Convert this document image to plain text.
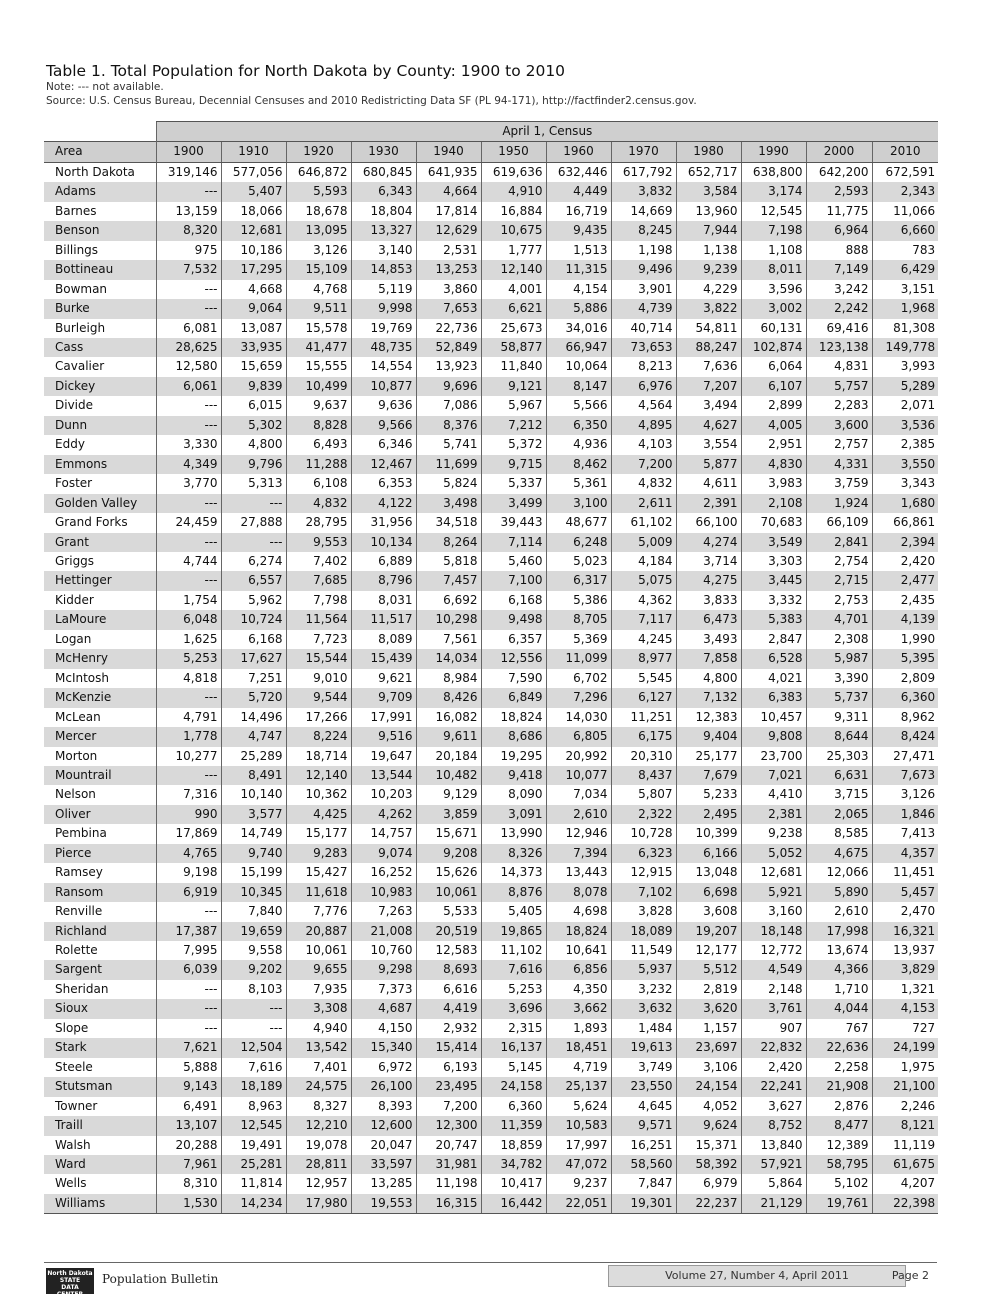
Table 1. Total Population for North Dakota by County: 1900 to 2010
Note: --- not available.
Source: U.S. Census Bureau, Decennial Censuses and 2010 Redistricting Data SF (PL 94-171), http://factfinder2.census.gov.
	April 1, Census											
Area	1900	1910	1920	1930	1940	1950	1960	1970	1980	1990	2000	2010
North Dakota	319,146	577,056	646,872	680,845	641,935	619,636	632,446	617,792	652,717	638,800	642,200	672,591
Adams	---	5,407	5,593	6,343	4,664	4,910	4,449	3,832	3,584	3,174	2,593	2,343
Barnes	13,159	18,066	18,678	18,804	17,814	16,884	16,719	14,669	13,960	12,545	11,775	11,066
Benson	8,320	12,681	13,095	13,327	12,629	10,675	9,435	8,245	7,944	7,198	6,964	6,660
Billings	975	10,186	3,126	3,140	2,531	1,777	1,513	1,198	1,138	1,108	888	783
Bottineau	7,532	17,295	15,109	14,853	13,253	12,140	11,315	9,496	9,239	8,011	7,149	6,429
Bowman	---	4,668	4,768	5,119	3,860	4,001	4,154	3,901	4,229	3,596	3,242	3,151
Burke	---	9,064	9,511	9,998	7,653	6,621	5,886	4,739	3,822	3,002	2,242	1,968
Burleigh	6,081	13,087	15,578	19,769	22,736	25,673	34,016	40,714	54,811	60,131	69,416	81,308
Cass	28,625	33,935	41,477	48,735	52,849	58,877	66,947	73,653	88,247	102,874	123,138	149,778
Cavalier	12,580	15,659	15,555	14,554	13,923	11,840	10,064	8,213	7,636	6,064	4,831	3,993
Dickey	6,061	9,839	10,499	10,877	9,696	9,121	8,147	6,976	7,207	6,107	5,757	5,289
Divide	---	6,015	9,637	9,636	7,086	5,967	5,566	4,564	3,494	2,899	2,283	2,071
Dunn	---	5,302	8,828	9,566	8,376	7,212	6,350	4,895	4,627	4,005	3,600	3,536
Eddy	3,330	4,800	6,493	6,346	5,741	5,372	4,936	4,103	3,554	2,951	2,757	2,385
Emmons	4,349	9,796	11,288	12,467	11,699	9,715	8,462	7,200	5,877	4,830	4,331	3,550
Foster	3,770	5,313	6,108	6,353	5,824	5,337	5,361	4,832	4,611	3,983	3,759	3,343
Golden Valley	---	---	4,832	4,122	3,498	3,499	3,100	2,611	2,391	2,108	1,924	1,680
Grand Forks	24,459	27,888	28,795	31,956	34,518	39,443	48,677	61,102	66,100	70,683	66,109	66,861
Grant	---	---	9,553	10,134	8,264	7,114	6,248	5,009	4,274	3,549	2,841	2,394
Griggs	4,744	6,274	7,402	6,889	5,818	5,460	5,023	4,184	3,714	3,303	2,754	2,420
Hettinger	---	6,557	7,685	8,796	7,457	7,100	6,317	5,075	4,275	3,445	2,715	2,477
Kidder	1,754	5,962	7,798	8,031	6,692	6,168	5,386	4,362	3,833	3,332	2,753	2,435
LaMoure	6,048	10,724	11,564	11,517	10,298	9,498	8,705	7,117	6,473	5,383	4,701	4,139
Logan	1,625	6,168	7,723	8,089	7,561	6,357	5,369	4,245	3,493	2,847	2,308	1,990
McHenry	5,253	17,627	15,544	15,439	14,034	12,556	11,099	8,977	7,858	6,528	5,987	5,395
McIntosh	4,818	7,251	9,010	9,621	8,984	7,590	6,702	5,545	4,800	4,021	3,390	2,809
McKenzie	---	5,720	9,544	9,709	8,426	6,849	7,296	6,127	7,132	6,383	5,737	6,360
McLean	4,791	14,496	17,266	17,991	16,082	18,824	14,030	11,251	12,383	10,457	9,311	8,962
Mercer	1,778	4,747	8,224	9,516	9,611	8,686	6,805	6,175	9,404	9,808	8,644	8,424
Morton	10,277	25,289	18,714	19,647	20,184	19,295	20,992	20,310	25,177	23,700	25,303	27,471
Mountrail	---	8,491	12,140	13,544	10,482	9,418	10,077	8,437	7,679	7,021	6,631	7,673
Nelson	7,316	10,140	10,362	10,203	9,129	8,090	7,034	5,807	5,233	4,410	3,715	3,126
Oliver	990	3,577	4,425	4,262	3,859	3,091	2,610	2,322	2,495	2,381	2,065	1,846
Pembina	17,869	14,749	15,177	14,757	15,671	13,990	12,946	10,728	10,399	9,238	8,585	7,413
Pierce	4,765	9,740	9,283	9,074	9,208	8,326	7,394	6,323	6,166	5,052	4,675	4,357
Ramsey	9,198	15,199	15,427	16,252	15,626	14,373	13,443	12,915	13,048	12,681	12,066	11,451
Ransom	6,919	10,345	11,618	10,983	10,061	8,876	8,078	7,102	6,698	5,921	5,890	5,457
Renville	---	7,840	7,776	7,263	5,533	5,405	4,698	3,828	3,608	3,160	2,610	2,470
Richland	17,387	19,659	20,887	21,008	20,519	19,865	18,824	18,089	19,207	18,148	17,998	16,321
Rolette	7,995	9,558	10,061	10,760	12,583	11,102	10,641	11,549	12,177	12,772	13,674	13,937
Sargent	6,039	9,202	9,655	9,298	8,693	7,616	6,856	5,937	5,512	4,549	4,366	3,829
Sheridan	---	8,103	7,935	7,373	6,616	5,253	4,350	3,232	2,819	2,148	1,710	1,321
Sioux	---	---	3,308	4,687	4,419	3,696	3,662	3,632	3,620	3,761	4,044	4,153
Slope	---	---	4,940	4,150	2,932	2,315	1,893	1,484	1,157	907	767	727
Stark	7,621	12,504	13,542	15,340	15,414	16,137	18,451	19,613	23,697	22,832	22,636	24,199
Steele	5,888	7,616	7,401	6,972	6,193	5,145	4,719	3,749	3,106	2,420	2,258	1,975
Stutsman	9,143	18,189	24,575	26,100	23,495	24,158	25,137	23,550	24,154	22,241	21,908	21,100
Towner	6,491	8,963	8,327	8,393	7,200	6,360	5,624	4,645	4,052	3,627	2,876	2,246
Traill	13,107	12,545	12,210	12,600	12,300	11,359	10,583	9,571	9,624	8,752	8,477	8,121
Walsh	20,288	19,491	19,078	20,047	20,747	18,859	17,997	16,251	15,371	13,840	12,389	11,119
Ward	7,961	25,281	28,811	33,597	31,981	34,782	47,072	58,560	58,392	57,921	58,795	61,675
Wells	8,310	11,814	12,957	13,285	11,198	10,417	9,237	7,847	6,979	5,864	5,102	4,207
Williams	1,530	14,234	17,980	19,553	16,315	16,442	22,051	19,301	22,237	21,129	19,761	22,398
North Dakota
STATE
DATA
CENTER
Population Bulletin	Volume 27, Number 4, April 2011	Page 2
